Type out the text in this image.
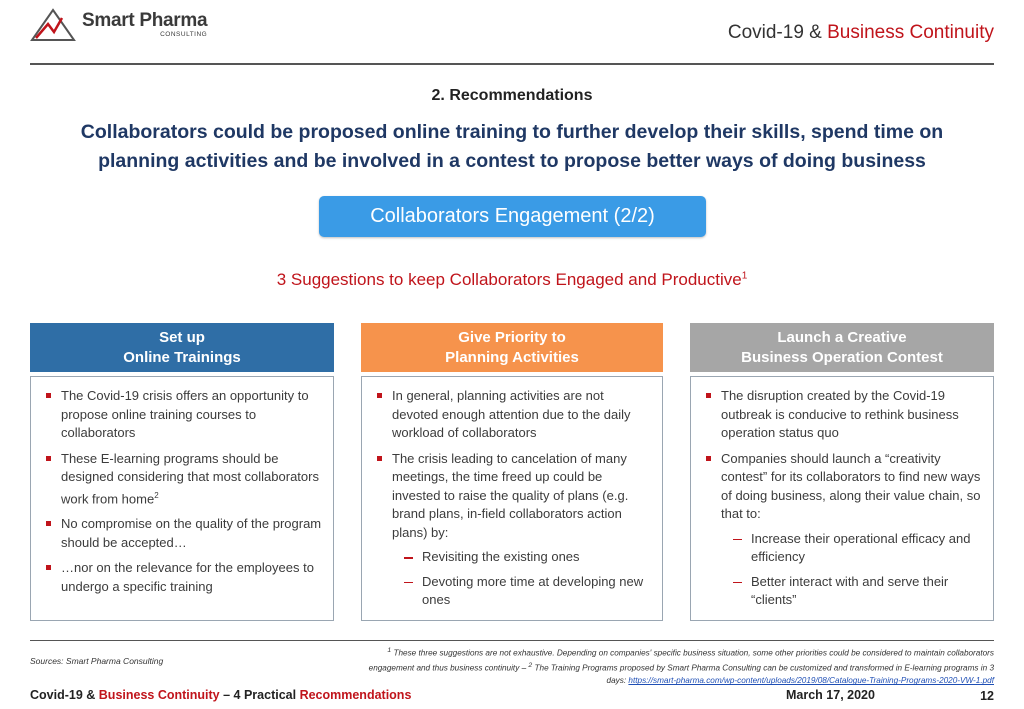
Smart Pharma
CONSULTING	Covid-19 & Business Continuity
2. Recommendations
Collaborators could be proposed online training to further develop their skills, spend time on planning activities and be involved in a contest to propose better ways of doing business
Collaborators Engagement (2/2)
3 Suggestions to keep Collaborators Engaged and Productive$^1$
Set up
Online Trainings
The Covid-19 crisis offers an opportunity to propose online training courses to collaborators
These E-learning programs should be designed considering that most collaborators work from home$^2$
No compromise on the quality of the program should be accepted…
…nor on the relevance for the employees to undergo a specific training
Give Priority to
Planning Activities
In general, planning activities are not devoted enough attention due to the daily workload of collaborators
The crisis leading to cancelation of many meetings, the time freed up could be invested to raise the quality of plans (e.g. brand plans, in-field collaborators action plans) by:
Revisiting the existing ones
Devoting more time at developing new ones
Launch a Creative
Business Operation Contest
The disruption created by the Covid-19 outbreak is conducive to rethink business operation status quo
Companies should launch a “creativity contest” for its collaborators to find new ways of doing business, along their value chain, so that to:
Increase their operational efficacy and efficiency
Better interact with and serve their “clients”
Sources: Smart Pharma Consulting
$^1$ These three suggestions are not exhaustive. Depending on companies' specific business situation, some other priorities could be considered to maintain collaborators engagement and thus business continuity – $^2$ The Training Programs proposed by Smart Pharma Consulting can be customized and transformed in E-learning programs in 3 days: https://smart-pharma.com/wp-content/uploads/2019/08/Catalogue-Training-Programs-2020-VW-1.pdf
Covid-19 & Business Continuity – 4 Practical Recommendations	March 17, 2020	12
